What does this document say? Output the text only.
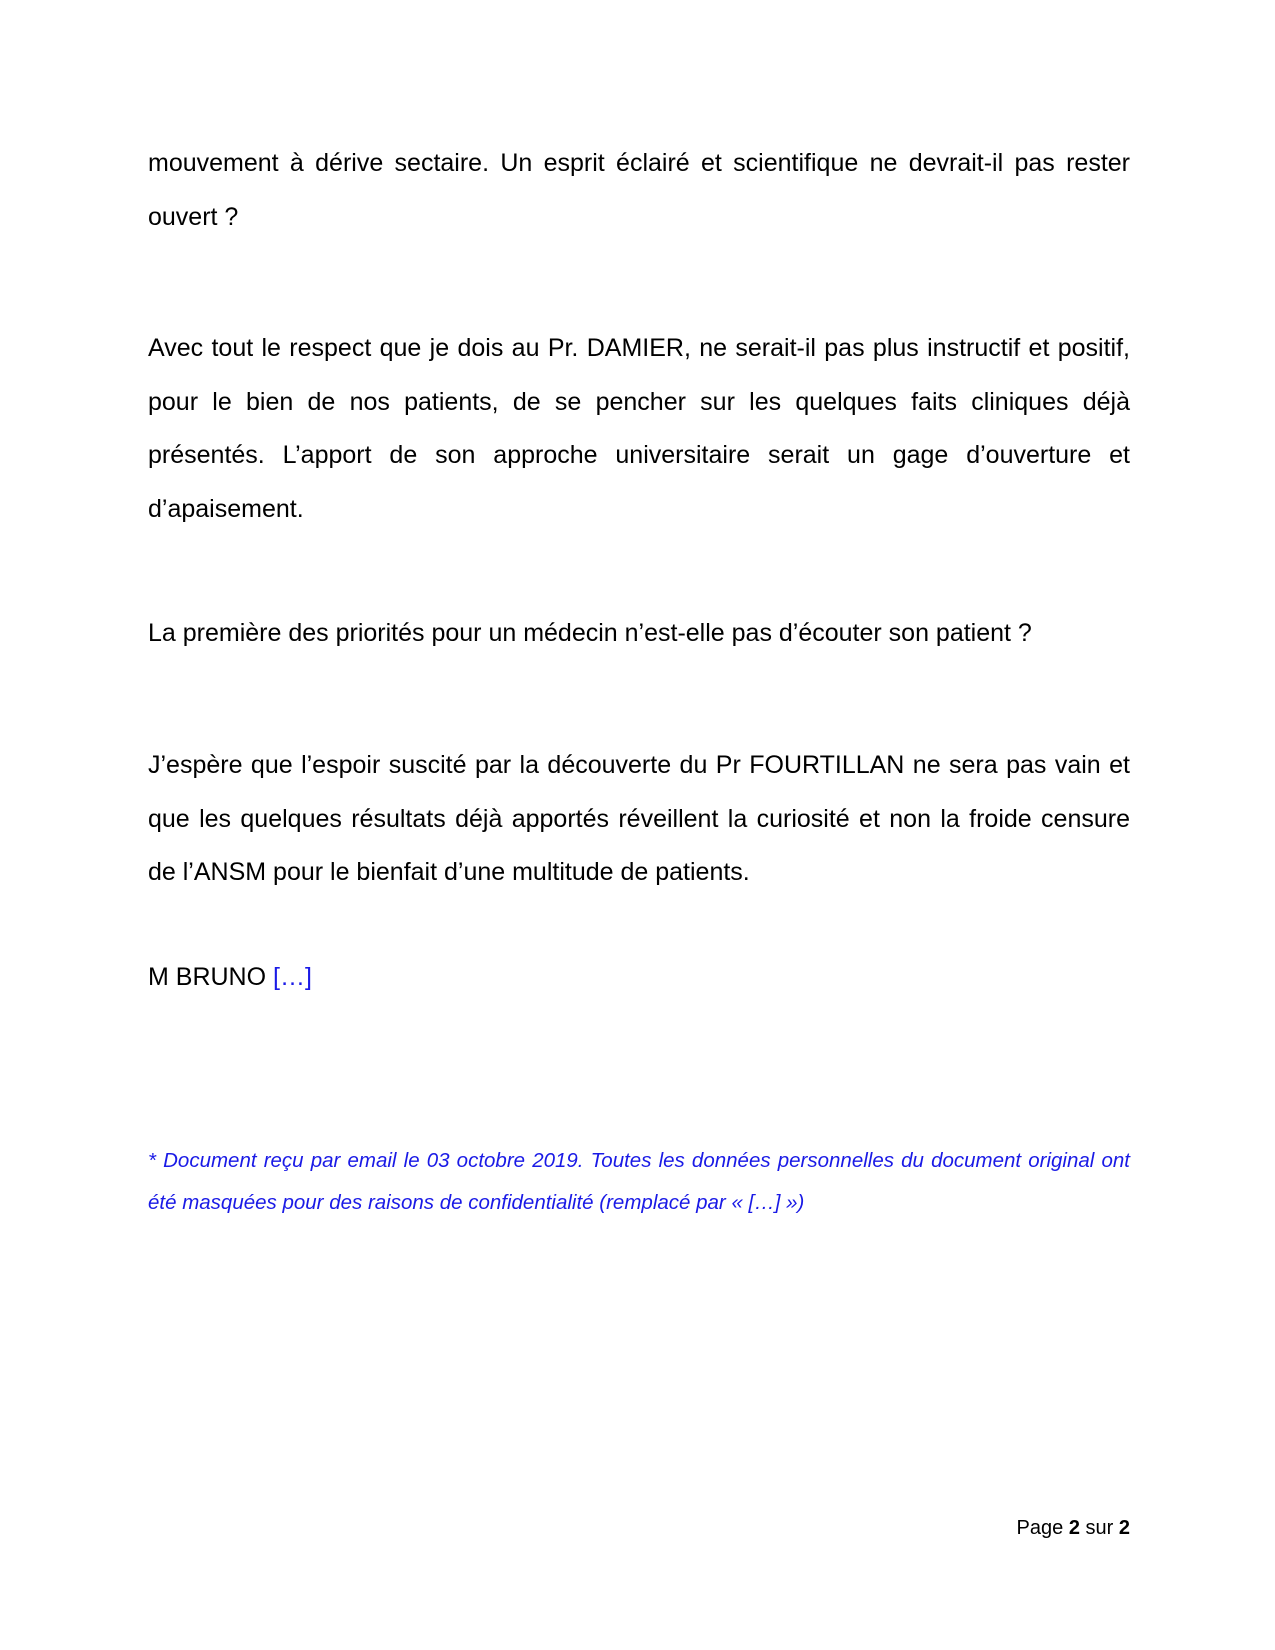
mouvement à dérive sectaire. Un esprit éclairé et scientifique ne devrait-il pas rester ouvert ?

Avec tout le respect que je dois au Pr. DAMIER, ne serait-il pas plus instructif et positif, pour le bien de nos patients, de se pencher sur les quelques faits cliniques déjà présentés. L’apport de son approche universitaire serait un gage d’ouverture et d’apaisement.

La première des priorités pour un médecin n’est-elle pas d’écouter son patient ?

J’espère que l’espoir suscité par la découverte du Pr FOURTILLAN ne sera pas vain et que les quelques résultats déjà apportés réveillent la curiosité et non la froide censure de l’ANSM pour le bienfait d’une multitude de patients.

M BRUNO […]

* Document reçu par email le 03 octobre 2019. Toutes les données personnelles du document original ont été masquées pour des raisons de confidentialité (remplacé par « […] »)

Page 2 sur 2
